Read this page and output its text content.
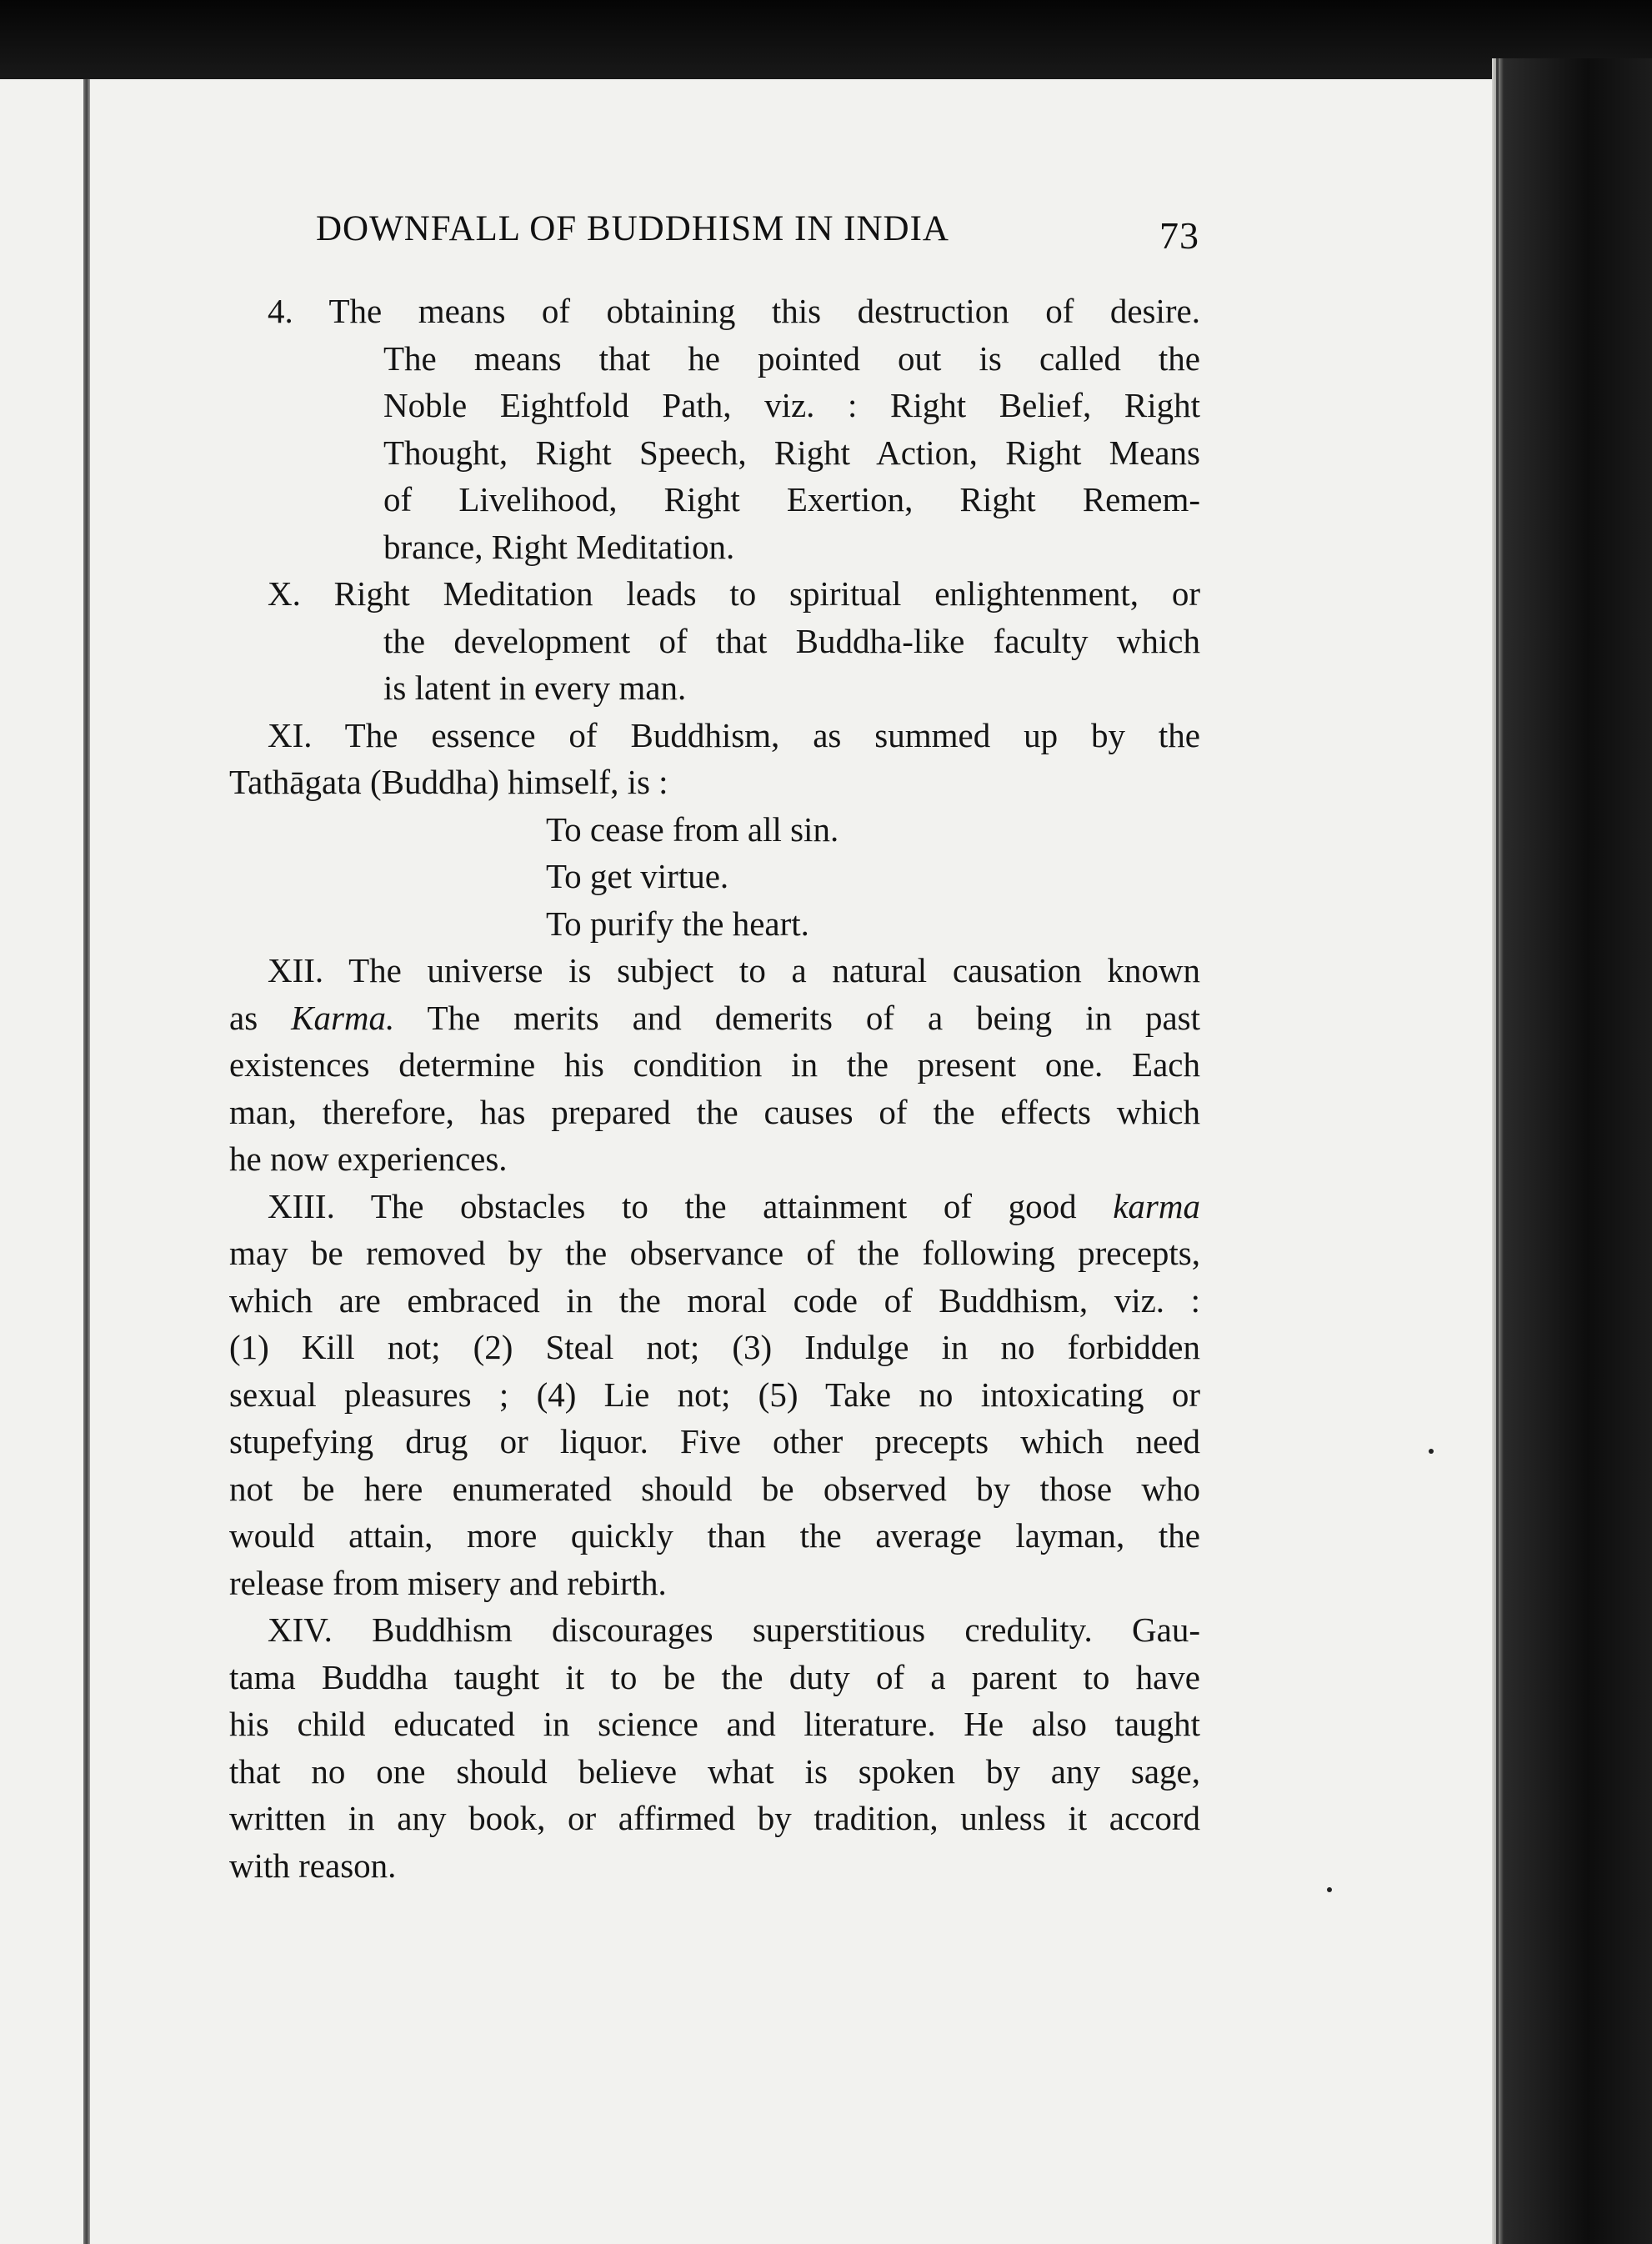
DOWNFALL OF BUDDHISM IN INDIA	73
4. The means of obtaining this destruction of desire.
The means that he pointed out is called the
Noble Eightfold Path, viz. : Right Belief, Right
Thought, Right Speech, Right Action, Right Means
of Livelihood, Right Exertion, Right Remem-
brance, Right Meditation.
X. Right Meditation leads to spiritual enlightenment, or
the development of that Buddha-like faculty which
is latent in every man.
XI. The essence of Buddhism, as summed up by the
Tathāgata (Buddha) himself, is :
To cease from all sin.
To get virtue.
To purify the heart.
XII. The universe is subject to a natural causation known
as Karma. The merits and demerits of a being in past
existences determine his condition in the present one. Each
man, therefore, has prepared the causes of the effects which
he now experiences.
XIII. The obstacles to the attainment of good karma
may be removed by the observance of the following precepts,
which are embraced in the moral code of Buddhism, viz. :
(1) Kill not; (2) Steal not; (3) Indulge in no forbidden
sexual pleasures ; (4) Lie not; (5) Take no intoxicating or
stupefying drug or liquor. Five other precepts which need
not be here enumerated should be observed by those who
would attain, more quickly than the average layman, the
release from misery and rebirth.
XIV. Buddhism discourages superstitious credulity. Gau-
tama Buddha taught it to be the duty of a parent to have
his child educated in science and literature. He also taught
that no one should believe what is spoken by any sage,
written in any book, or affirmed by tradition, unless it accord
with reason.
